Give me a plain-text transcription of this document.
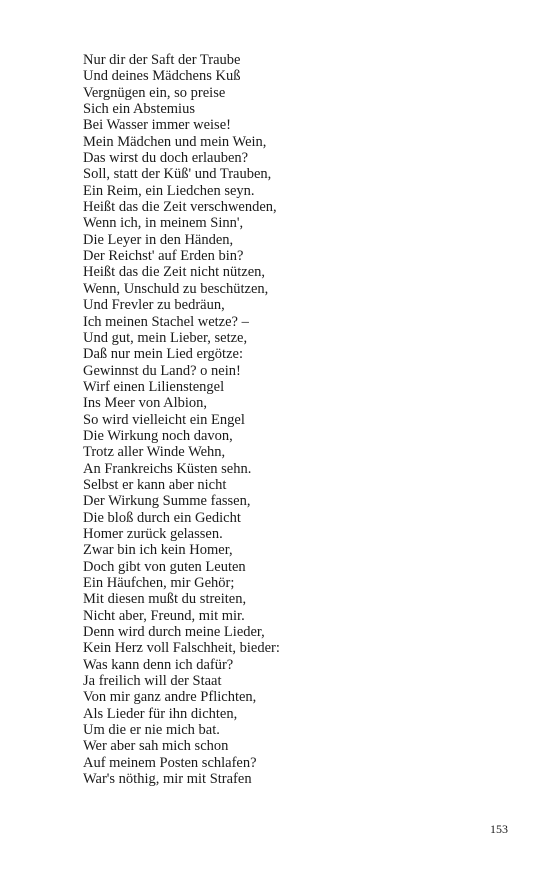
Nur dir der Saft der Traube
Und deines Mädchens Kuß
Vergnügen ein, so preise
Sich ein Abstemius
Bei Wasser immer weise!
Mein Mädchen und mein Wein,
Das wirst du doch erlauben?
Soll, statt der Küß' und Trauben,
Ein Reim, ein Liedchen seyn.
Heißt das die Zeit verschwenden,
Wenn ich, in meinem Sinn',
Die Leyer in den Händen,
Der Reichst' auf Erden bin?
Heißt das die Zeit nicht nützen,
Wenn, Unschuld zu beschützen,
Und Frevler zu bedräun,
Ich meinen Stachel wetze? –
Und gut, mein Lieber, setze,
Daß nur mein Lied ergötze:
Gewinnst du Land? o nein!
Wirf einen Lilienstengel
Ins Meer von Albion,
So wird vielleicht ein Engel
Die Wirkung noch davon,
Trotz aller Winde Wehn,
An Frankreichs Küsten sehn.
Selbst er kann aber nicht
Der Wirkung Summe fassen,
Die bloß durch ein Gedicht
Homer zurück gelassen.
Zwar bin ich kein Homer,
Doch gibt von guten Leuten
Ein Häufchen, mir Gehör;
Mit diesen mußt du streiten,
Nicht aber, Freund, mit mir.
Denn wird durch meine Lieder,
Kein Herz voll Falschheit, bieder:
Was kann denn ich dafür?
Ja freilich will der Staat
Von mir ganz andre Pflichten,
Als Lieder für ihn dichten,
Um die er nie mich bat.
Wer aber sah mich schon
Auf meinem Posten schlafen?
War's nöthig, mir mit Strafen
153
